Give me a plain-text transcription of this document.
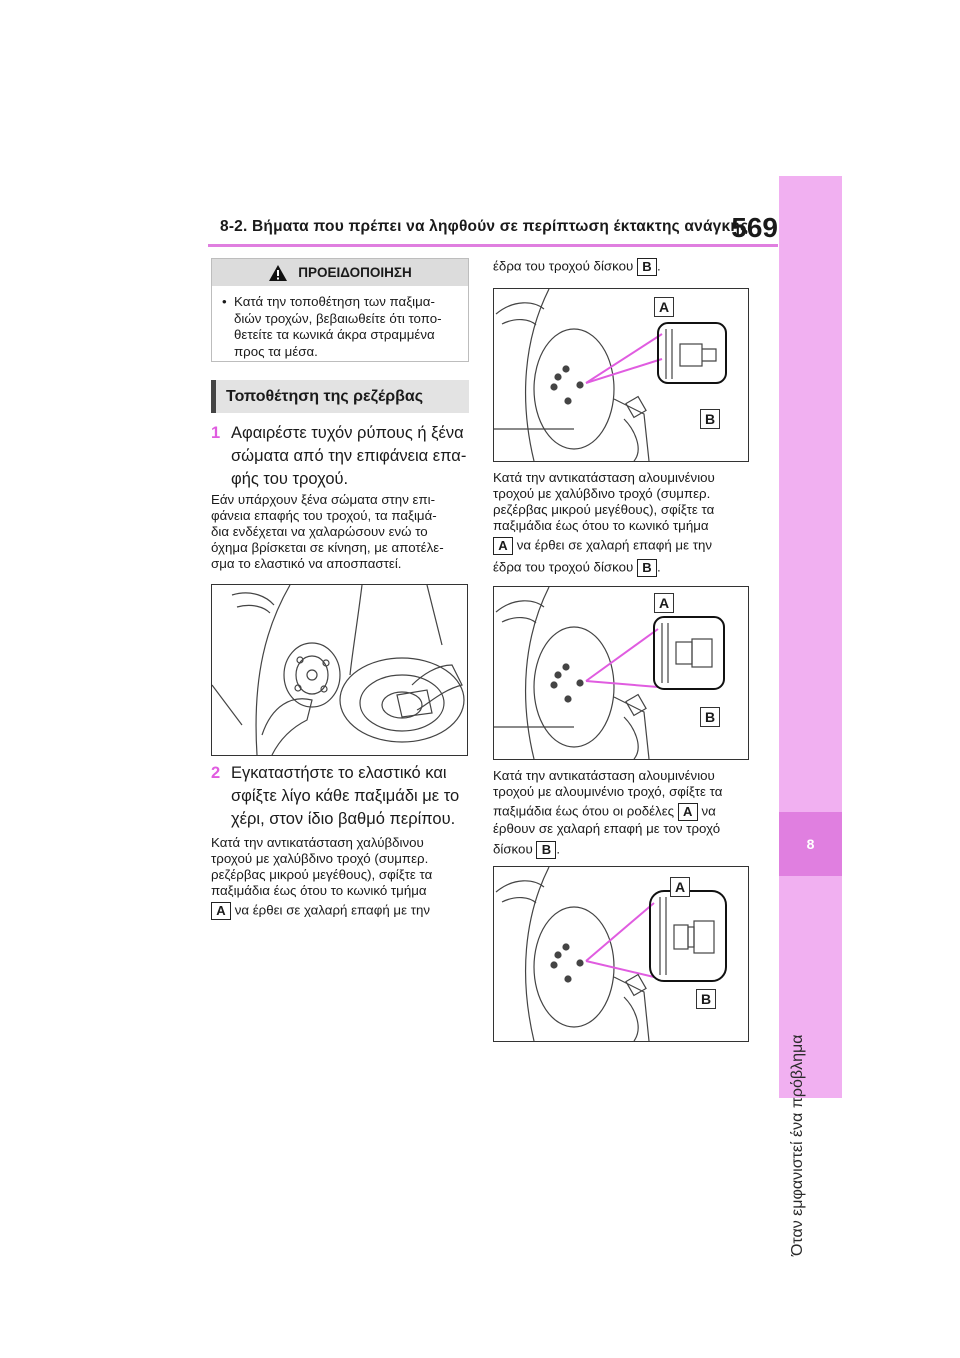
8
Όταν εμφανιστεί ένα πρόβλημα
8-2. Βήματα που πρέπει να ληφθούν σε περίπτωση έκτακτης ανάγκης
569
ΠΡΟΕΙΔΟΠΟΙΗΣΗ
• Κατά την τοποθέτηση των παξιμα-
διών τροχών, βεβαιωθείτε ότι τοπο-
θετείτε τα κωνικά άκρα στραμμένα
προς τα μέσα.
Τοποθέτηση της ρεζέρβας
1 Αφαιρέστε τυχόν ρύπους ή ξένα
σώματα από την επιφάνεια επα-
φής του τροχού.

Εάν υπάρχουν ξένα σώματα στην επι-

φάνεια επαφής του τροχού, τα παξιμά-

δια ενδέχεται να χαλαρώσουν ενώ το

όχημα βρίσκεται σε κίνηση, με αποτέλε-

σμα το ελαστικό να αποσπαστεί.

2 Εγκαταστήστε το ελαστικό και
σφίξτε λίγο κάθε παξιμάδι με το
χέρι, στον ίδιο βαθμό περίπου.

Κατά την αντικατάσταση χαλύβδινου

τροχού με χαλύβδινο τροχό (συμπερ.

ρεζέρβας μικρού μεγέθους), σφίξτε τα

παξιμάδια έως ότου το κωνικό τμήμα

A να έρθει σε χαλαρή επαφή με την

έδρα του τροχού δίσκου B .

A
B

Κατά την αντικατάσταση αλουμινένιου

τροχού με χαλύβδινο τροχό (συμπερ.

ρεζέρβας μικρού μεγέθους), σφίξτε τα

παξιμάδια έως ότου το κωνικό τμήμα

A να έρθει σε χαλαρή επαφή με την

έδρα του τροχού δίσκου B .

A
B

Κατά την αντικατάσταση αλουμινένιου

τροχού με αλουμινένιο τροχό, σφίξτε τα

παξιμάδια έως ότου οι ροδέλες A να

έρθουν σε χαλαρή επαφή με τον τροχό

δίσκου B .

A
B
